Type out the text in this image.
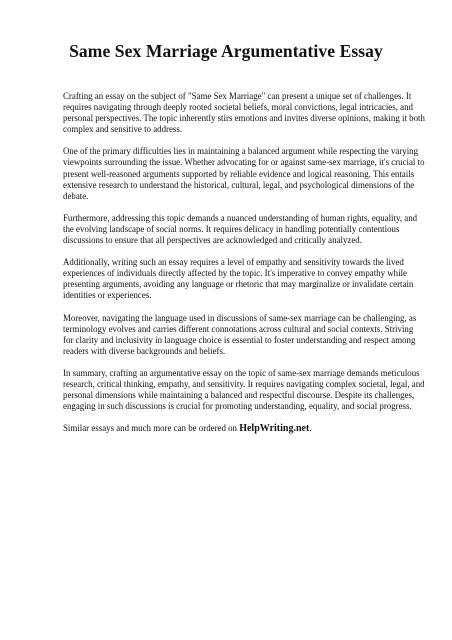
Same Sex Marriage Argumentative Essay

Crafting an essay on the subject of "Same Sex Marriage" can present a unique set of challenges. It requires navigating through deeply rooted societal beliefs, moral convictions, legal intricacies, and personal perspectives. The topic inherently stirs emotions and invites diverse opinions, making it both complex and sensitive to address.

One of the primary difficulties lies in maintaining a balanced argument while respecting the varying viewpoints surrounding the issue. Whether advocating for or against same-sex marriage, it's crucial to present well-reasoned arguments supported by reliable evidence and logical reasoning. This entails extensive research to understand the historical, cultural, legal, and psychological dimensions of the debate.

Furthermore, addressing this topic demands a nuanced understanding of human rights, equality, and the evolving landscape of social norms. It requires delicacy in handling potentially contentious discussions to ensure that all perspectives are acknowledged and critically analyzed.

Additionally, writing such an essay requires a level of empathy and sensitivity towards the lived experiences of individuals directly affected by the topic. It's imperative to convey empathy while presenting arguments, avoiding any language or rhetoric that may marginalize or invalidate certain identities or experiences.

Moreover, navigating the language used in discussions of same-sex marriage can be challenging, as terminology evolves and carries different connotations across cultural and social contexts. Striving for clarity and inclusivity in language choice is essential to foster understanding and respect among readers with diverse backgrounds and beliefs.

In summary, crafting an argumentative essay on the topic of same-sex marriage demands meticulous research, critical thinking, empathy, and sensitivity. It requires navigating complex societal, legal, and personal dimensions while maintaining a balanced and respectful discourse. Despite its challenges, engaging in such discussions is crucial for promoting understanding, equality, and social progress.

Similar essays and much more can be ordered on HelpWriting.net.
